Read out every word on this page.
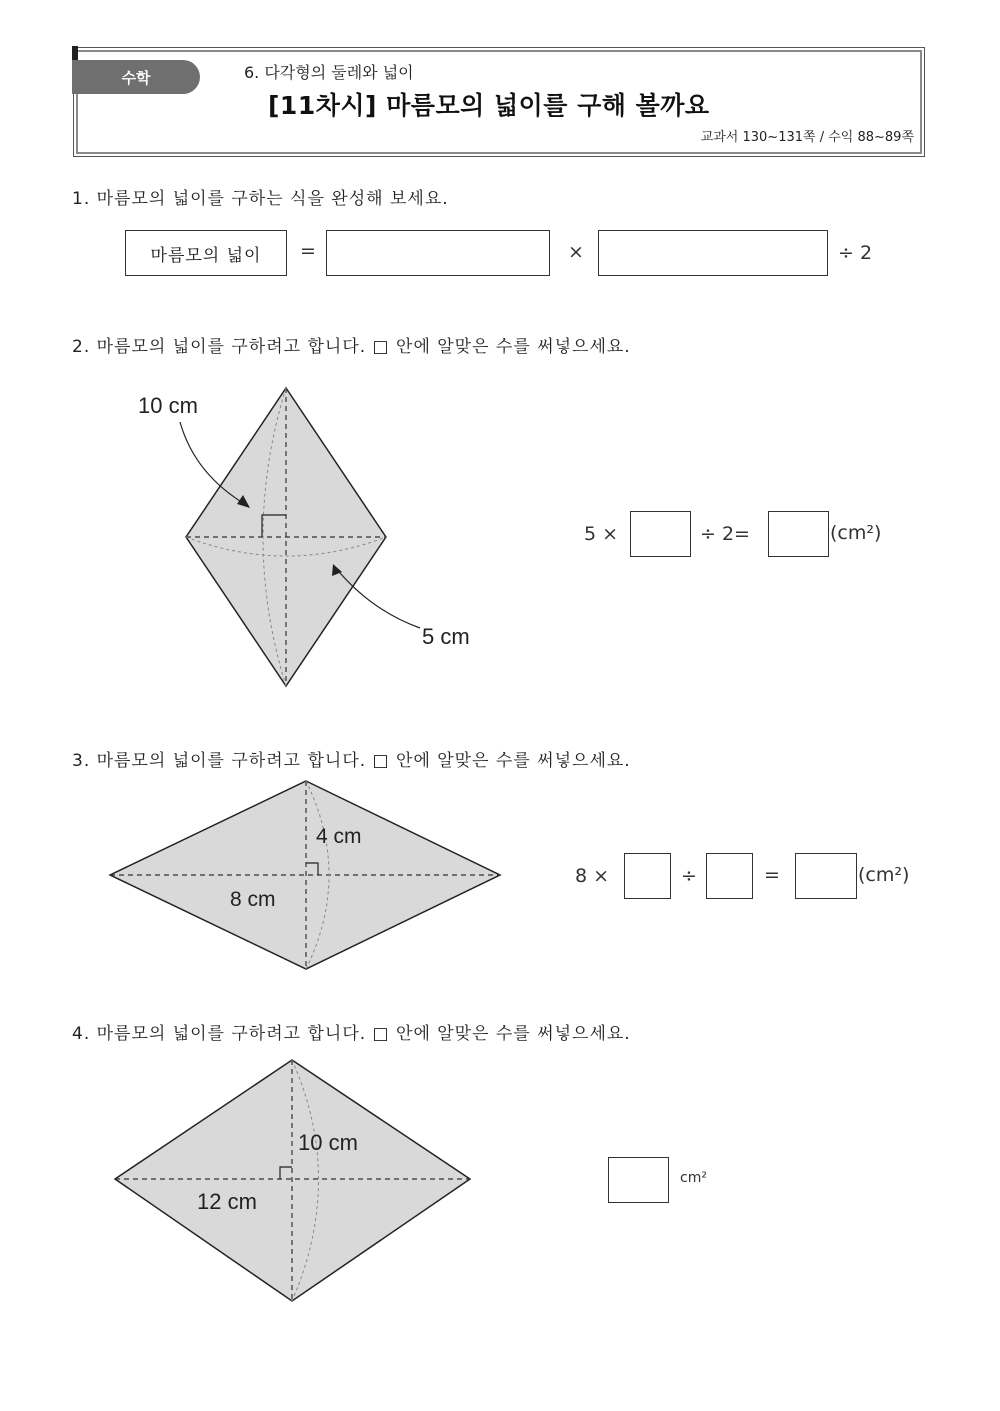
수학	6. 다각형의 둘레와 넓이
[11차시] 마름모의 넓이를 구해 볼까요
교과서 130~131쪽 / 수익 88~89쪽
1. 마름모의 넓이를 구하는 식을 완성해 보세요.
마름모의 넓이	=	×	÷ 2
2. 마름모의 넓이를 구하려고 합니다. □ 안에 알맞은 수를 써넣으세요.
10 cm
5 cm
5 ×	÷ 2=	(cm²)
3. 마름모의 넓이를 구하려고 합니다. □ 안에 알맞은 수를 써넣으세요.
4 cm
8 cm
8 ×	÷	=	(cm²)
4. 마름모의 넓이를 구하려고 합니다. □ 안에 알맞은 수를 써넣으세요.
10 cm
12 cm
cm²
